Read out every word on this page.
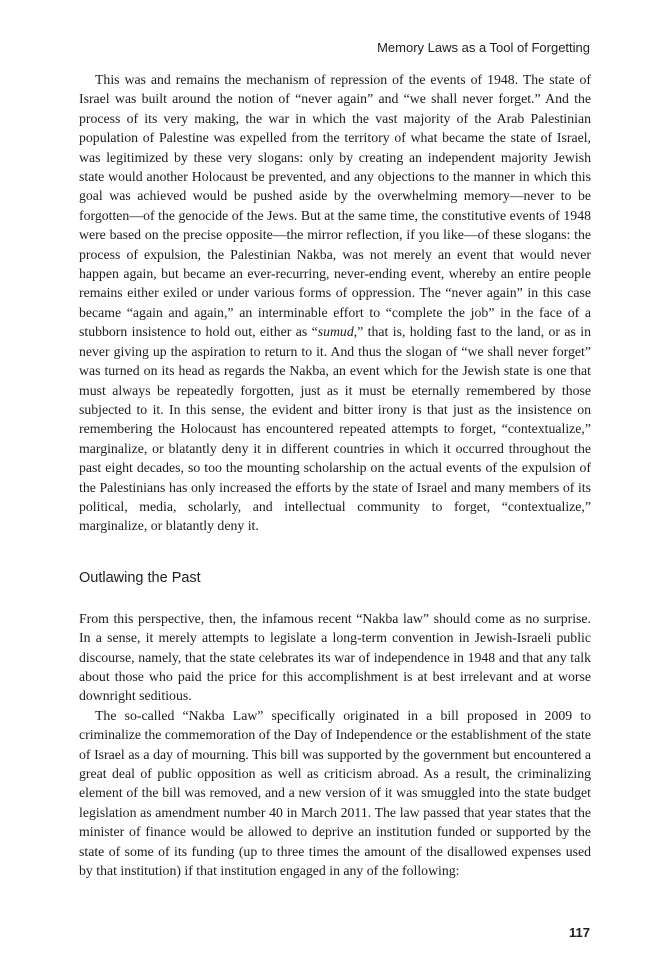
Memory Laws as a Tool of Forgetting

This was and remains the mechanism of repression of the events of 1948. The state of Israel was built around the notion of “never again” and “we shall never forget.” And the process of its very making, the war in which the vast majority of the Arab Palestinian population of Palestine was expelled from the territory of what became the state of Israel, was legitimized by these very slogans: only by creating an independent majority Jewish state would another Holocaust be prevented, and any objections to the manner in which this goal was achieved would be pushed aside by the overwhelming memory—never to be forgotten—of the genocide of the Jews. But at the same time, the constitutive events of 1948 were based on the precise opposite—the mirror reflection, if you like—of these slogans: the process of expulsion, the Palestinian Nakba, was not merely an event that would never happen again, but became an ever-recurring, never-ending event, whereby an entire people remains either exiled or under various forms of oppression. The “never again” in this case became “again and again,” an interminable effort to “complete the job” in the face of a stubborn insistence to hold out, either as “sumud,” that is, holding fast to the land, or as in never giving up the aspiration to return to it. And thus the slogan of “we shall never forget” was turned on its head as regards the Nakba, an event which for the Jewish state is one that must always be repeatedly forgotten, just as it must be eternally remembered by those subjected to it. In this sense, the evident and bitter irony is that just as the insistence on remembering the Holocaust has encountered repeated attempts to forget, “contextualize,” marginalize, or blatantly deny it in different countries in which it occurred throughout the past eight decades, so too the mounting scholarship on the actual events of the expulsion of the Palestinians has only increased the efforts by the state of Israel and many members of its political, media, scholarly, and intellectual community to forget, “contextualize,” marginalize, or blatantly deny it.

Outlawing the Past

From this perspective, then, the infamous recent “Nakba law” should come as no surprise. In a sense, it merely attempts to legislate a long-term convention in Jewish-Israeli public discourse, namely, that the state celebrates its war of independence in 1948 and that any talk about those who paid the price for this accomplishment is at best irrelevant and at worse downright seditious.

The so-called “Nakba Law” specifically originated in a bill proposed in 2009 to criminalize the commemoration of the Day of Independence or the establishment of the state of Israel as a day of mourning. This bill was supported by the government but encountered a great deal of public opposition as well as criticism abroad. As a result, the criminalizing element of the bill was removed, and a new version of it was smuggled into the state budget legislation as amendment number 40 in March 2011. The law passed that year states that the minister of finance would be allowed to deprive an institution funded or supported by the state of some of its funding (up to three times the amount of the disallowed expenses used by that institution) if that institution engaged in any of the following:

117
